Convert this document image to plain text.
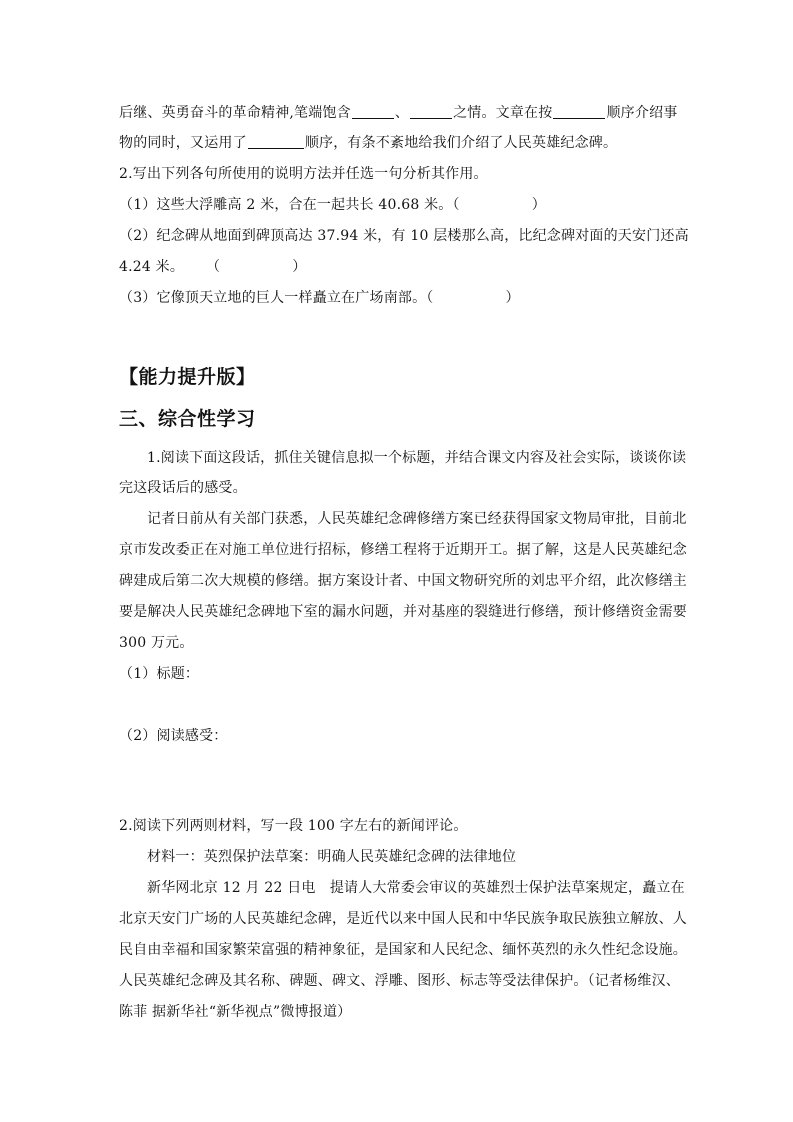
后继、英勇奋斗的革命精神,笔端饱含	、	之情。文章在按	顺序介绍事
物的同时，又运用了	顺序，有条不紊地给我们介绍了人民英雄纪念碑。
2.写出下列各句所使用的说明方法并任选一句分析其作用。
（1）这些大浮雕高 2 米，合在一起共长 40.68 米。（	）
（2）纪念碑从地面到碑顶高达 37.94 米，有 10 层楼那么高，比纪念碑对面的天安门还高
4.24 米。 （	）
（3）它像顶天立地的巨人一样矗立在广场南部。（	）
【能力提升版】
三、综合性学习
1.阅读下面这段话，抓住关键信息拟一个标题，并结合课文内容及社会实际，谈谈你读
完这段话后的感受。
记者日前从有关部门获悉，人民英雄纪念碑修缮方案已经获得国家文物局审批，目前北
京市发改委正在对施工单位进行招标，修缮工程将于近期开工。据了解，这是人民英雄纪念
碑建成后第二次大规模的修缮。据方案设计者、中国文物研究所的刘忠平介绍，此次修缮主
要是解决人民英雄纪念碑地下室的漏水问题，并对基座的裂缝进行修缮，预计修缮资金需要
300 万元。
（1）标题：
（2）阅读感受：
2.阅读下列两则材料，写一段 100 字左右的新闻评论。
材料一：英烈保护法草案：明确人民英雄纪念碑的法律地位
新华网北京 12 月 22 日电　提请人大常委会审议的英雄烈士保护法草案规定，矗立在
北京天安门广场的人民英雄纪念碑，是近代以来中国人民和中华民族争取民族独立解放、人
民自由幸福和国家繁荣富强的精神象征，是国家和人民纪念、缅怀英烈的永久性纪念设施。
人民英雄纪念碑及其名称、碑题、碑文、浮雕、图形、标志等受法律保护。（记者杨维汉、
陈菲 据新华社“新华视点”微博报道）
